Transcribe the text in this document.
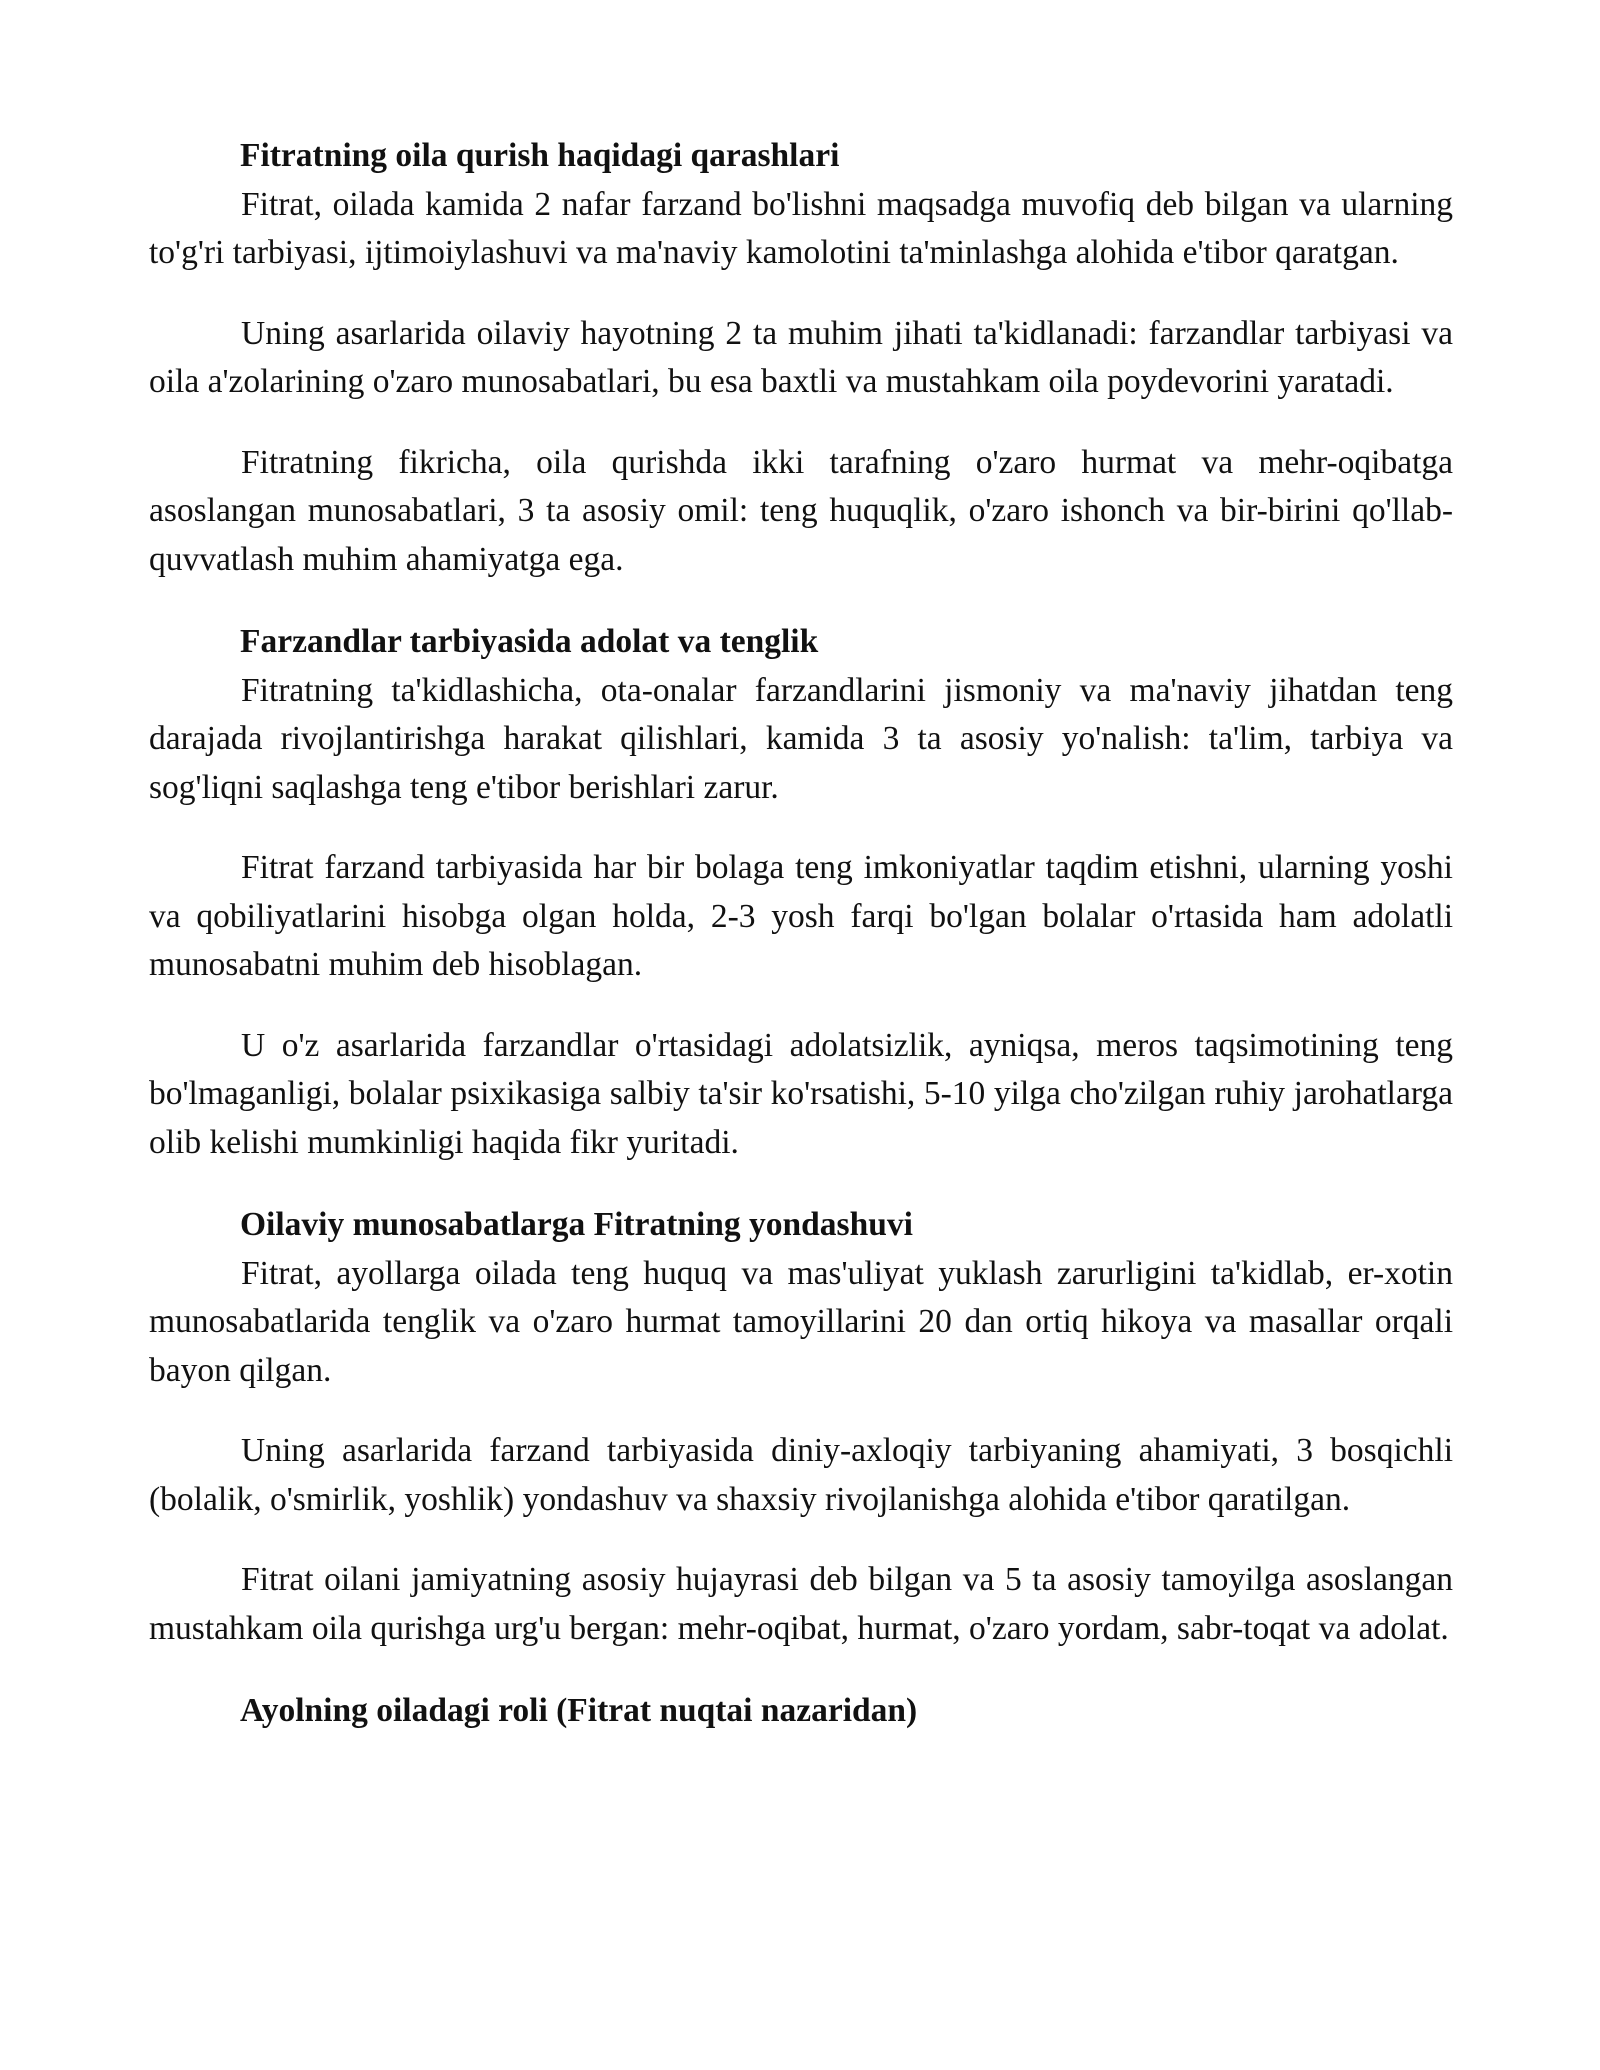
Fitratning oila qurish haqidagi qarashlari

Fitrat, oilada kamida 2 nafar farzand bo'lishni maqsadga muvofiq deb bilgan va ularning to'g'ri tarbiyasi, ijtimoiylashuvi va ma'naviy kamolotini ta'minlashga alohida e'tibor qaratgan.

Uning asarlarida oilaviy hayotning 2 ta muhim jihati ta'kidlanadi: farzandlar tarbiyasi va oila a'zolarining o'zaro munosabatlari, bu esa baxtli va mustahkam oila poydevorini yaratadi.

Fitratning fikricha, oila qurishda ikki tarafning o'zaro hurmat va mehr-oqibatga asoslangan munosabatlari, 3 ta asosiy omil: teng huquqlik, o'zaro ishonch va bir-birini qo'llab-quvvatlash muhim ahamiyatga ega.

Farzandlar tarbiyasida adolat va tenglik

Fitratning ta'kidlashicha, ota-onalar farzandlarini jismoniy va ma'naviy jihatdan teng darajada rivojlantirishga harakat qilishlari, kamida 3 ta asosiy yo'nalish: ta'lim, tarbiya va sog'liqni saqlashga teng e'tibor berishlari zarur.

Fitrat farzand tarbiyasida har bir bolaga teng imkoniyatlar taqdim etishni, ularning yoshi va qobiliyatlarini hisobga olgan holda, 2-3 yosh farqi bo'lgan bolalar o'rtasida ham adolatli munosabatni muhim deb hisoblagan.

U o'z asarlarida farzandlar o'rtasidagi adolatsizlik, ayniqsa, meros taqsimotining teng bo'lmaganligi, bolalar psixikasiga salbiy ta'sir ko'rsatishi, 5-10 yilga cho'zilgan ruhiy jarohatlarga olib kelishi mumkinligi haqida fikr yuritadi.

Oilaviy munosabatlarga Fitratning yondashuvi

Fitrat, ayollarga oilada teng huquq va mas'uliyat yuklash zarurligini ta'kidlab, er-xotin munosabatlarida tenglik va o'zaro hurmat tamoyillarini 20 dan ortiq hikoya va masallar orqali bayon qilgan.

Uning asarlarida farzand tarbiyasida diniy-axloqiy tarbiyaning ahamiyati, 3 bosqichli (bolalik, o'smirlik, yoshlik) yondashuv va shaxsiy rivojlanishga alohida e'tibor qaratilgan.

Fitrat oilani jamiyatning asosiy hujayrasi deb bilgan va 5 ta asosiy tamoyilga asoslangan mustahkam oila qurishga urg'u bergan: mehr-oqibat, hurmat, o'zaro yordam, sabr-toqat va adolat.

Ayolning oiladagi roli (Fitrat nuqtai nazaridan)
